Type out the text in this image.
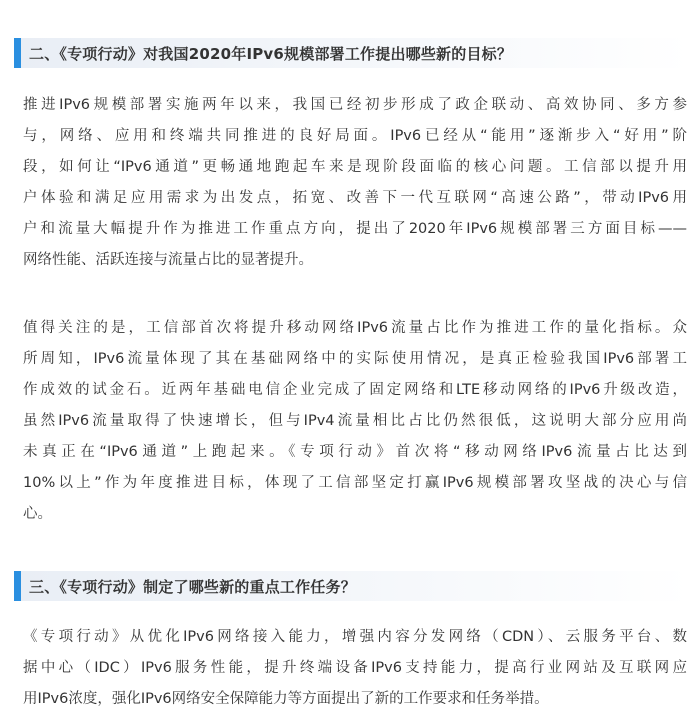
二、《专项行动》对我国2020年IPv6规模部署工作提出哪些新的目标？
推进IPv6规模部署实施两年以来，我国已经初步形成了政企联动、高效协同、多方参
与，网络、应用和终端共同推进的良好局面。IPv6已经从“能用”逐渐步入“好用”阶
段，如何让“IPv6通道”更畅通地跑起车来是现阶段面临的核心问题。工信部以提升用
户体验和满足应用需求为出发点，拓宽、改善下一代互联网“高速公路”，带动IPv6用
户和流量大幅提升作为推进工作重点方向，提出了2020年IPv6规模部署三方面目标——
网络性能、活跃连接与流量占比的显著提升。
值得关注的是，工信部首次将提升移动网络IPv6流量占比作为推进工作的量化指标。众
所周知，IPv6流量体现了其在基础网络中的实际使用情况，是真正检验我国IPv6部署工
作成效的试金石。近两年基础电信企业完成了固定网络和LTE移动网络的IPv6升级改造，
虽然IPv6流量取得了快速增长，但与IPv4流量相比占比仍然很低，这说明大部分应用尚
未真正在“IPv6通道”上跑起来。《专项行动》首次将“移动网络IPv6流量占比达到
10%以上”作为年度推进目标，体现了工信部坚定打赢IPv6规模部署攻坚战的决心与信
心。
三、《专项行动》制定了哪些新的重点工作任务？
《专项行动》从优化IPv6网络接入能力，增强内容分发网络（CDN）、云服务平台、数
据中心（IDC）IPv6服务性能，提升终端设备IPv6支持能力，提高行业网站及互联网应
用IPv6浓度，强化IPv6网络安全保障能力等方面提出了新的工作要求和任务举措。
